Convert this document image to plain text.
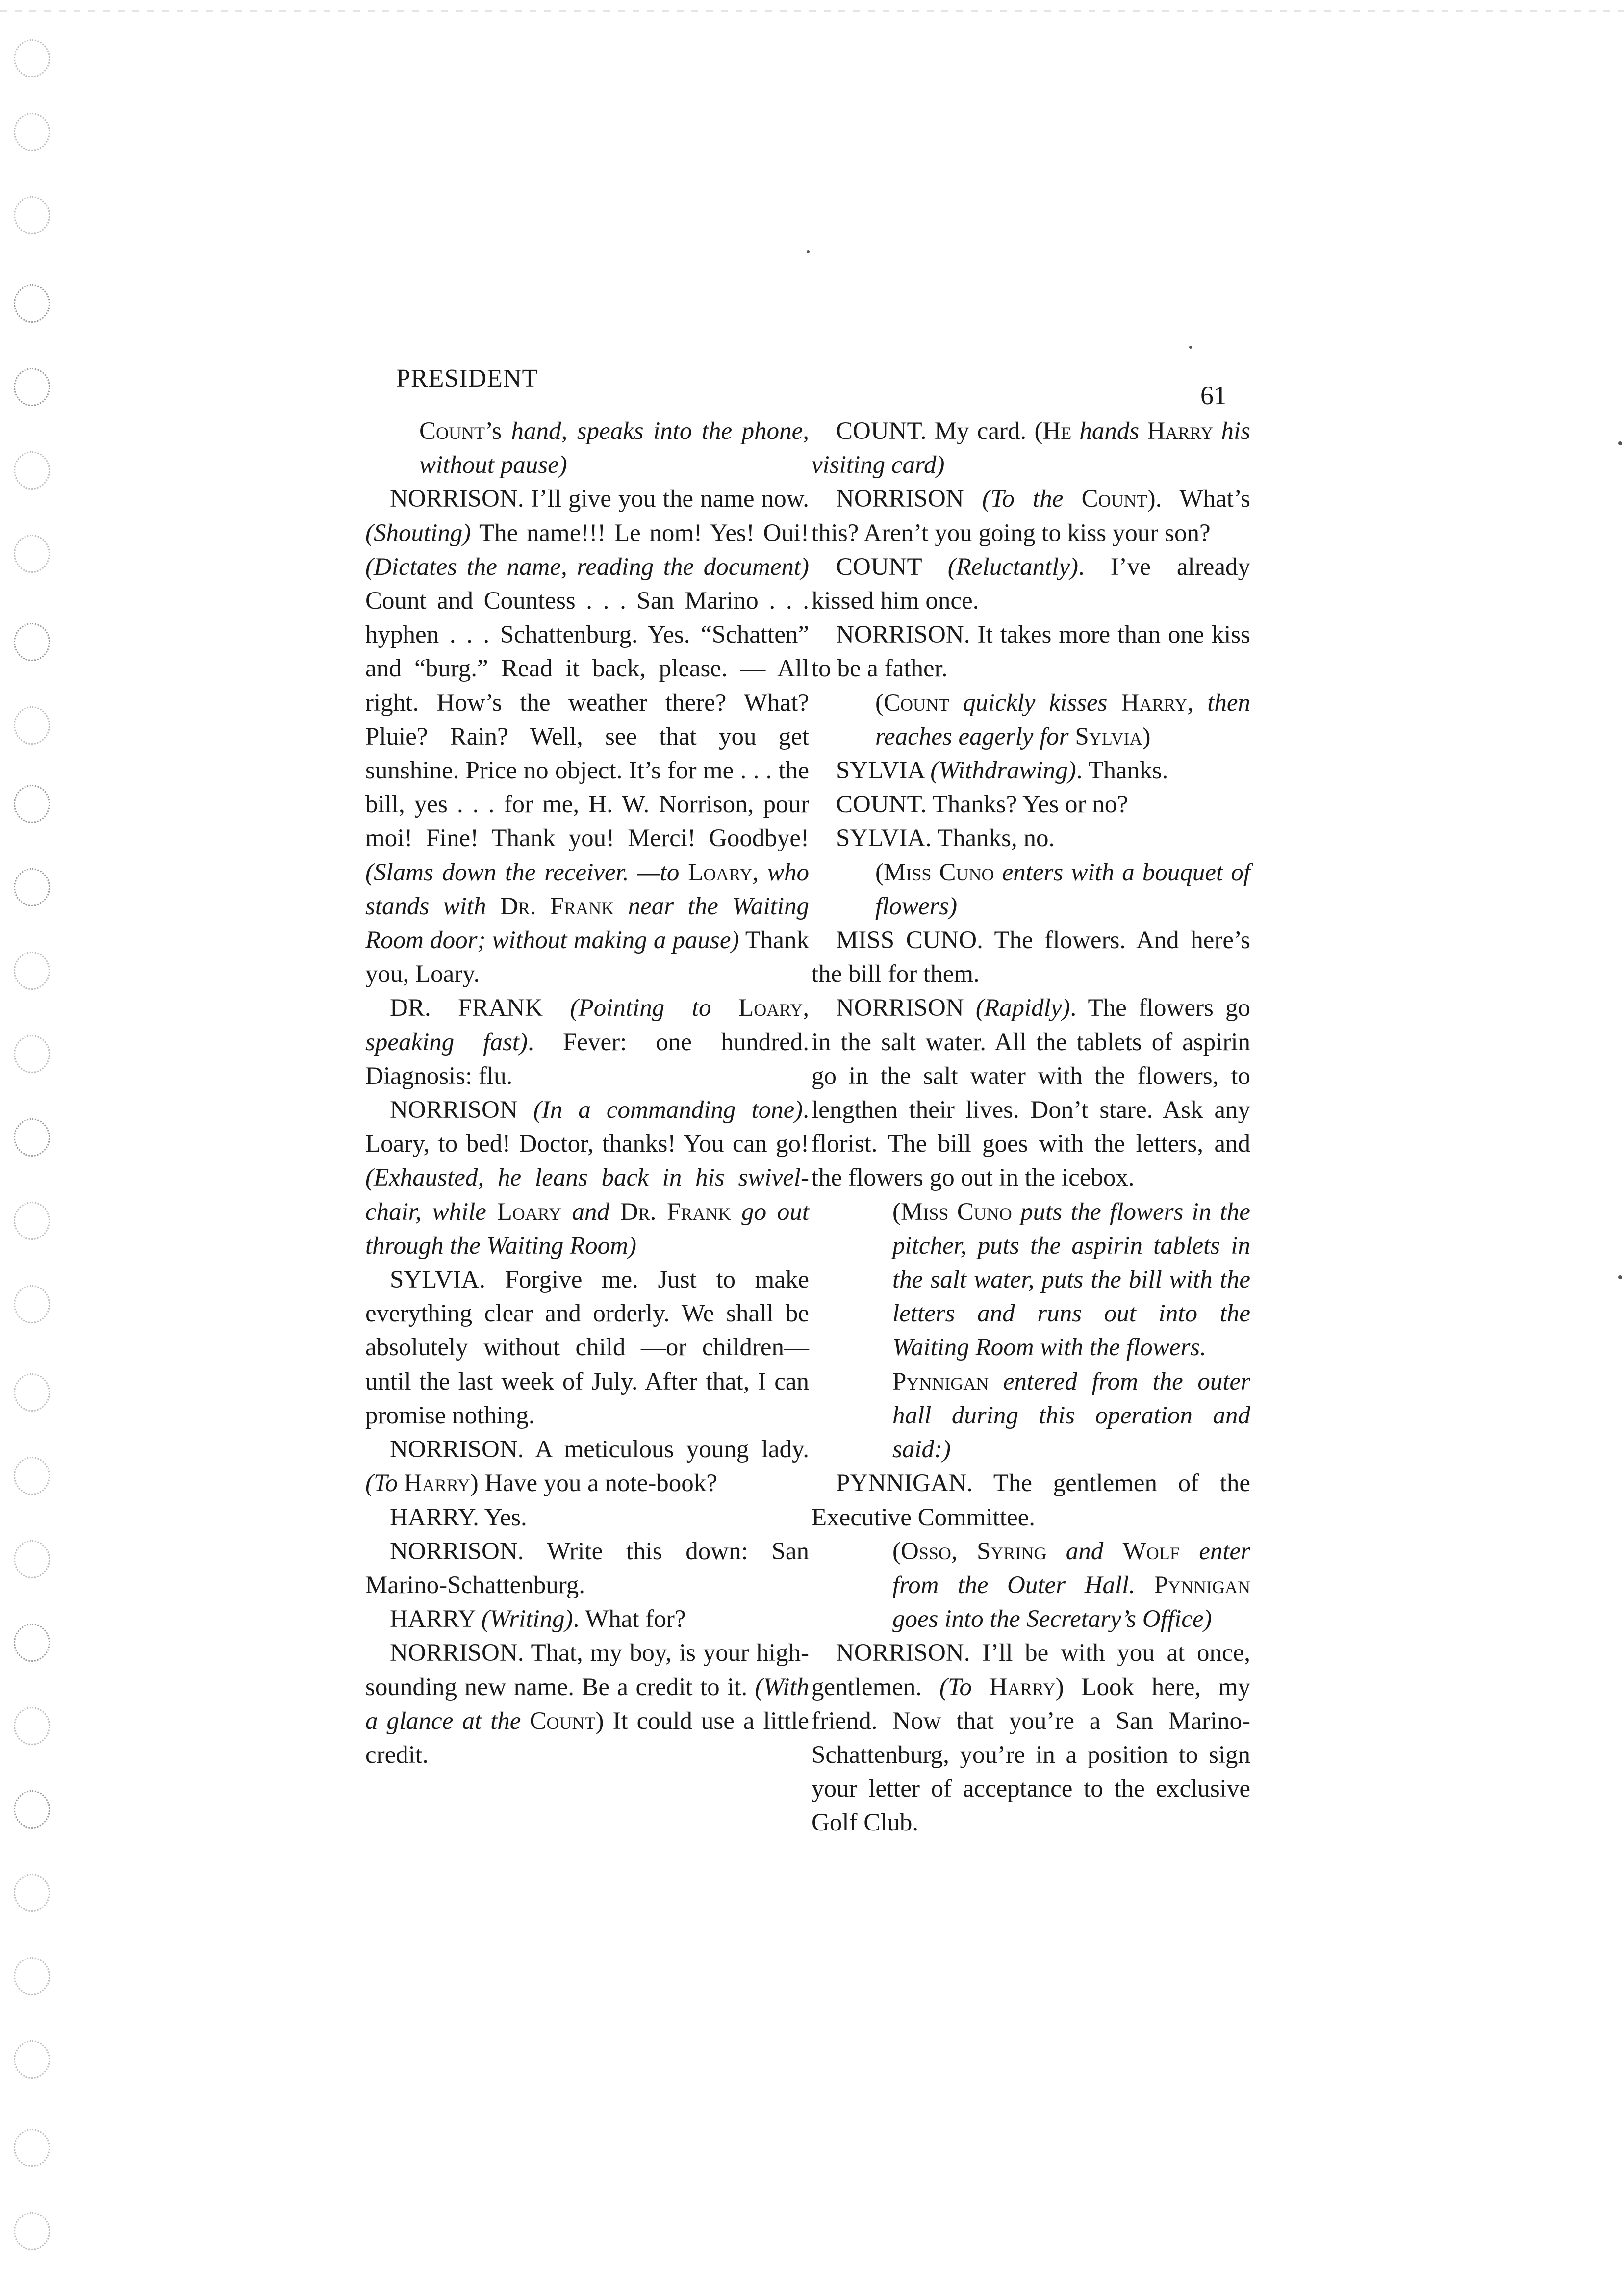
PRESIDENT
61

Count’s hand, speaks into the phone, without pause)

NORRISON. I’ll give you the name now. (Shouting) The name!!! Le nom! Yes! Oui! (Dictates the name, reading the document) Count and Countess . . . San Marino . . . hyphen . . . Schattenburg. Yes. “Schatten” and “burg.” Read it back, please. — All right. How’s the weather there? What? Pluie? Rain? Well, see that you get sunshine. Price no object. It’s for me . . . the bill, yes . . . for me, H. W. Norrison, pour moi! Fine! Thank you! Merci! Goodbye! (Slams down the receiver. —to Loary, who stands with Dr. Frank near the Waiting Room door; without making a pause) Thank you, Loary.

DR. FRANK (Pointing to Loary, speaking fast). Fever: one hundred. Diagnosis: flu.

NORRISON (In a commanding tone). Loary, to bed! Doctor, thanks! You can go! (Exhausted, he leans back in his swivel-chair, while Loary and Dr. Frank go out through the Waiting Room)

SYLVIA. Forgive me. Just to make everything clear and orderly. We shall be absolutely without child —or children—until the last week of July. After that, I can promise nothing.

NORRISON. A meticulous young lady. (To Harry) Have you a note-book?

HARRY. Yes.

NORRISON. Write this down: San Marino-Schattenburg.

HARRY (Writing). What for?

NORRISON. That, my boy, is your high-sounding new name. Be a credit to it. (With a glance at the Count) It could use a little credit.

COUNT. My card. (He hands Harry his visiting card)

NORRISON (To the Count). What’s this? Aren’t you going to kiss your son?

COUNT (Reluctantly). I’ve already kissed him once.

NORRISON. It takes more than one kiss to be a father.

(Count quickly kisses Harry, then reaches eagerly for Sylvia)

SYLVIA (Withdrawing). Thanks.

COUNT. Thanks? Yes or no?

SYLVIA. Thanks, no.

(Miss Cuno enters with a bouquet of flowers)

MISS CUNO. The flowers. And here’s the bill for them.

NORRISON (Rapidly). The flowers go in the salt water. All the tablets of aspirin go in the salt water with the flowers, to lengthen their lives. Don’t stare. Ask any florist. The bill goes with the letters, and the flowers go out in the icebox.

(Miss Cuno puts the flowers in the pitcher, puts the aspirin tablets in the salt water, puts the bill with the letters and runs out into the Waiting Room with the flowers.

Pynnigan entered from the outer hall during this operation and said:)

PYNNIGAN. The gentlemen of the Executive Committee.

(Osso, Syring and Wolf enter from the Outer Hall. Pynnigan goes into the Secretary’s Office)

NORRISON. I’ll be with you at once, gentlemen. (To Harry) Look here, my friend. Now that you’re a San Marino-Schattenburg, you’re in a position to sign your letter of acceptance to the exclusive Golf Club.
